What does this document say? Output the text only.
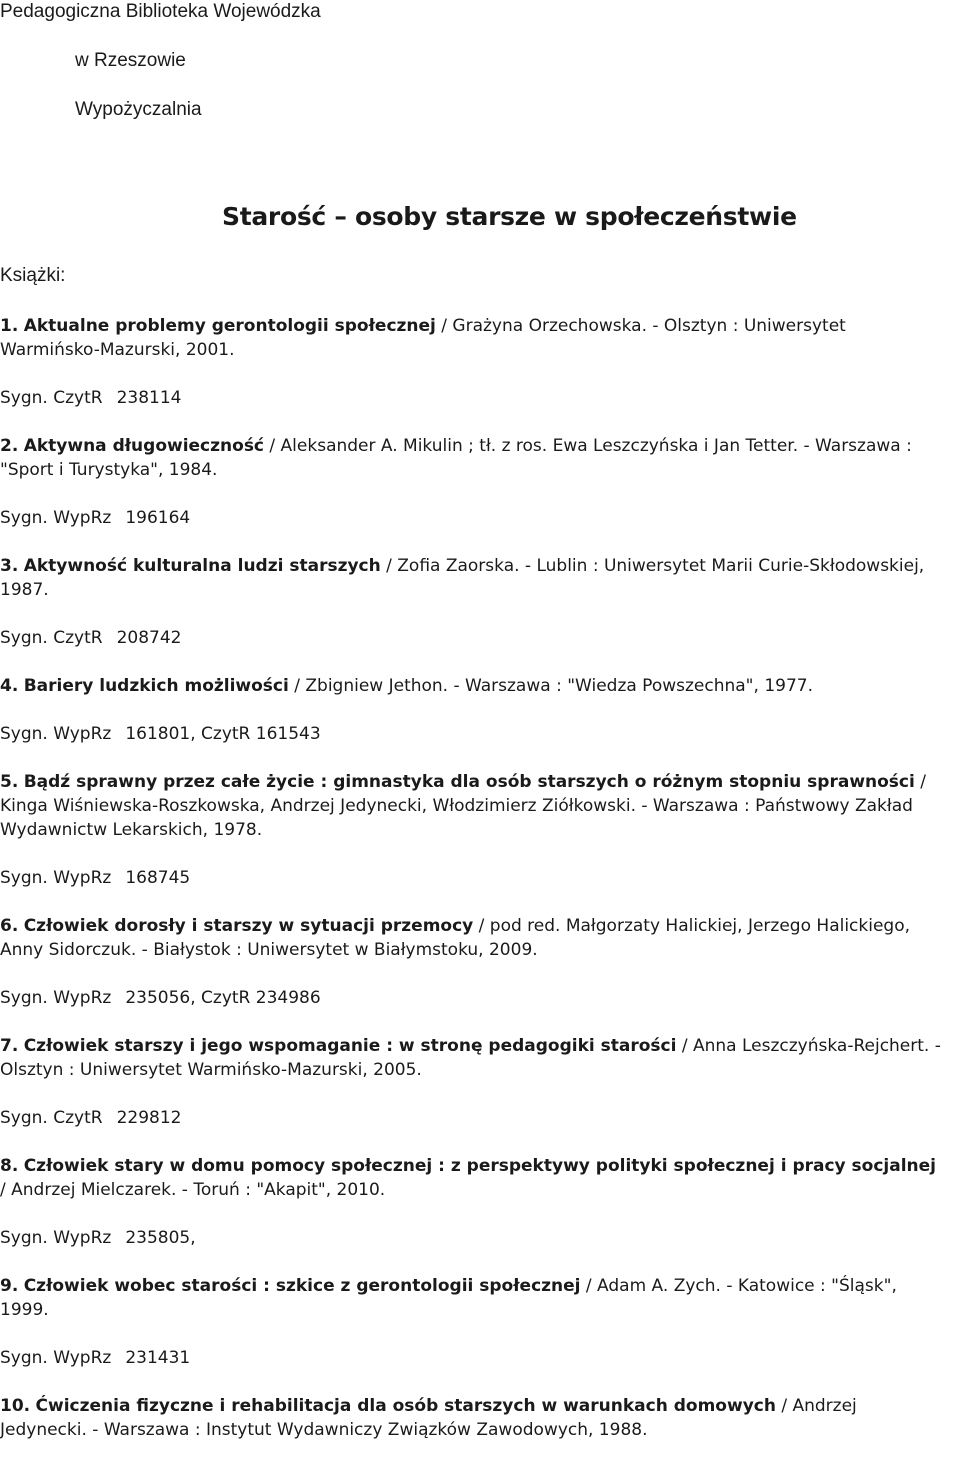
Pedagogiczna Biblioteka Wojewódzka
w Rzeszowie
Wypożyczalnia
Starość – osoby starsze w społeczeństwie
Książki:

1. Aktualne problemy gerontologii społecznej / Grażyna Orzechowska. - Olsztyn : Uniwersytet Warmińsko-Mazurski, 2001.

Sygn. CzytR 238114

2. Aktywna długowieczność / Aleksander A. Mikulin ; tł. z ros. Ewa Leszczyńska i Jan Tetter. - Warszawa : "Sport i Turystyka", 1984.

Sygn. WypRz 196164

3. Aktywność kulturalna ludzi starszych / Zofia Zaorska. - Lublin : Uniwersytet Marii Curie-Skłodowskiej, 1987.

Sygn. CzytR 208742

4. Bariery ludzkich możliwości / Zbigniew Jethon. - Warszawa : "Wiedza Powszechna", 1977.

Sygn. WypRz 161801, CzytR 161543

5. Bądź sprawny przez całe życie : gimnastyka dla osób starszych o różnym stopniu sprawności / Kinga Wiśniewska-Roszkowska, Andrzej Jedynecki, Włodzimierz Ziółkowski. - Warszawa : Państwowy Zakład Wydawnictw Lekarskich, 1978.

Sygn. WypRz 168745

6. Człowiek dorosły i starszy w sytuacji przemocy / pod red. Małgorzaty Halickiej, Jerzego Halickiego, Anny Sidorczuk. - Białystok : Uniwersytet w Białymstoku, 2009.

Sygn. WypRz 235056, CzytR 234986

7. Człowiek starszy i jego wspomaganie : w stronę pedagogiki starości / Anna Leszczyńska-Rejchert. - Olsztyn : Uniwersytet Warmińsko-Mazurski, 2005.

Sygn. CzytR 229812

8. Człowiek stary w domu pomocy społecznej : z perspektywy polityki społecznej i pracy socjalnej / Andrzej Mielczarek. - Toruń : "Akapit", 2010.

Sygn. WypRz 235805,

9. Człowiek wobec starości : szkice z gerontologii społecznej / Adam A. Zych. - Katowice : "Śląsk", 1999.

Sygn. WypRz 231431

10. Ćwiczenia fizyczne i rehabilitacja dla osób starszych w warunkach domowych / Andrzej Jedynecki. - Warszawa : Instytut Wydawniczy Związków Zawodowych, 1988.
